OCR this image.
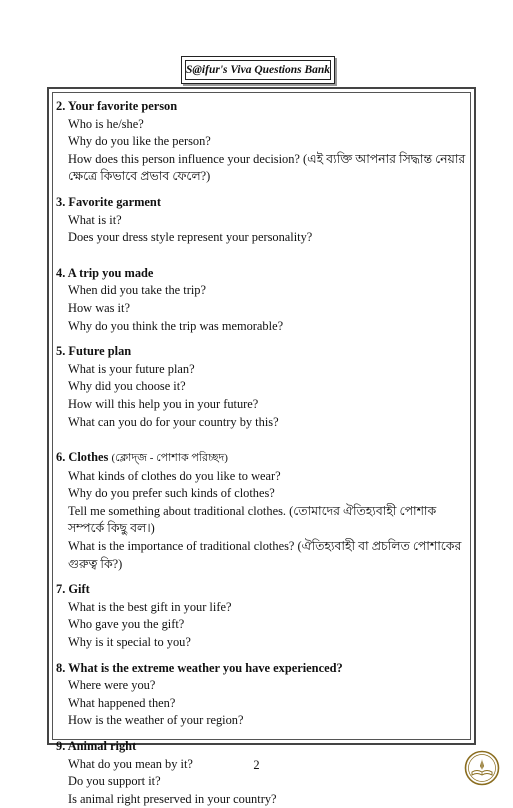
S@ifur's Viva Questions Bank
2. Your favorite person
Who is he/she?
Why do you like the person?
How does this person influence your decision? (এই ব্যক্তি আপনার সিদ্ধান্ত নেয়ার ক্ষেত্রে কিভাবে প্রভাব ফেলে?)
3. Favorite garment
What is it?
Does your dress style represent your personality?
4. A trip you made
When did you take the trip?
How was it?
Why do you think the trip was memorable?
5. Future plan
What is your future plan?
Why did you choose it?
How will this help you in your future?
What can you do for your country by this?
6. Clothes (ক্লোদ্‌জ - পোশাক পরিচ্ছদ)
What kinds of clothes do you like to wear?
Why do you prefer such kinds of clothes?
Tell me something about traditional clothes. (তোমাদের ঐতিহ্যবাহী পোশাক সম্পর্কে কিছু বল।)
What is the importance of traditional clothes? (ঐতিহ্যবাহী বা প্রচলিত পোশাকের গুরুত্ব কি?)
7. Gift
What is the best gift in your life?
Who gave you the gift?
Why is it special to you?
8. What is the extreme weather you have experienced?
Where were you?
What happened then?
How is the weather of your region?
9. Animal right
What do you mean by it?
Do you support it?
Is animal right preserved in your country?
2
